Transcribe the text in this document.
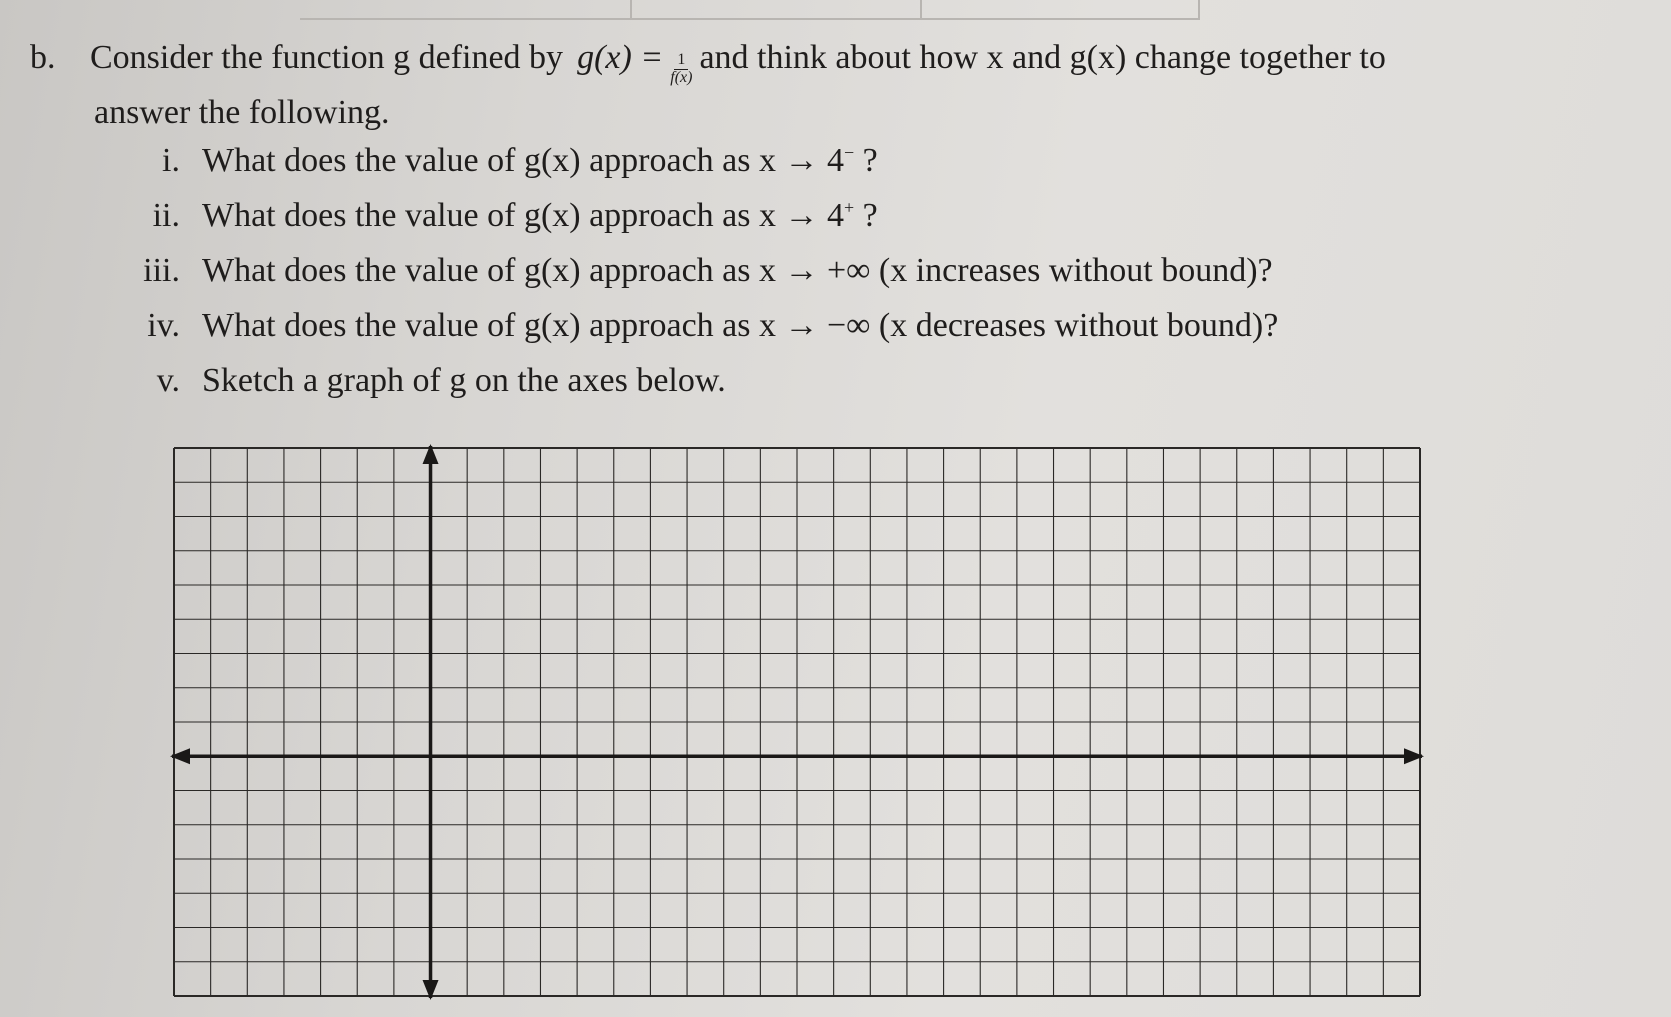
b.	Consider the function g defined by $g(x) = \frac{1}{f(x)}$ and think about how x and g(x) change together to
answer the following.
i. What does the value of g(x) approach as x → 4− ?
ii. What does the value of g(x) approach as x → 4+ ?
iii. What does the value of g(x) approach as x → +∞ (x increases without bound)?
iv. What does the value of g(x) approach as x → −∞ (x decreases without bound)?
v. Sketch a graph of g on the axes below.
